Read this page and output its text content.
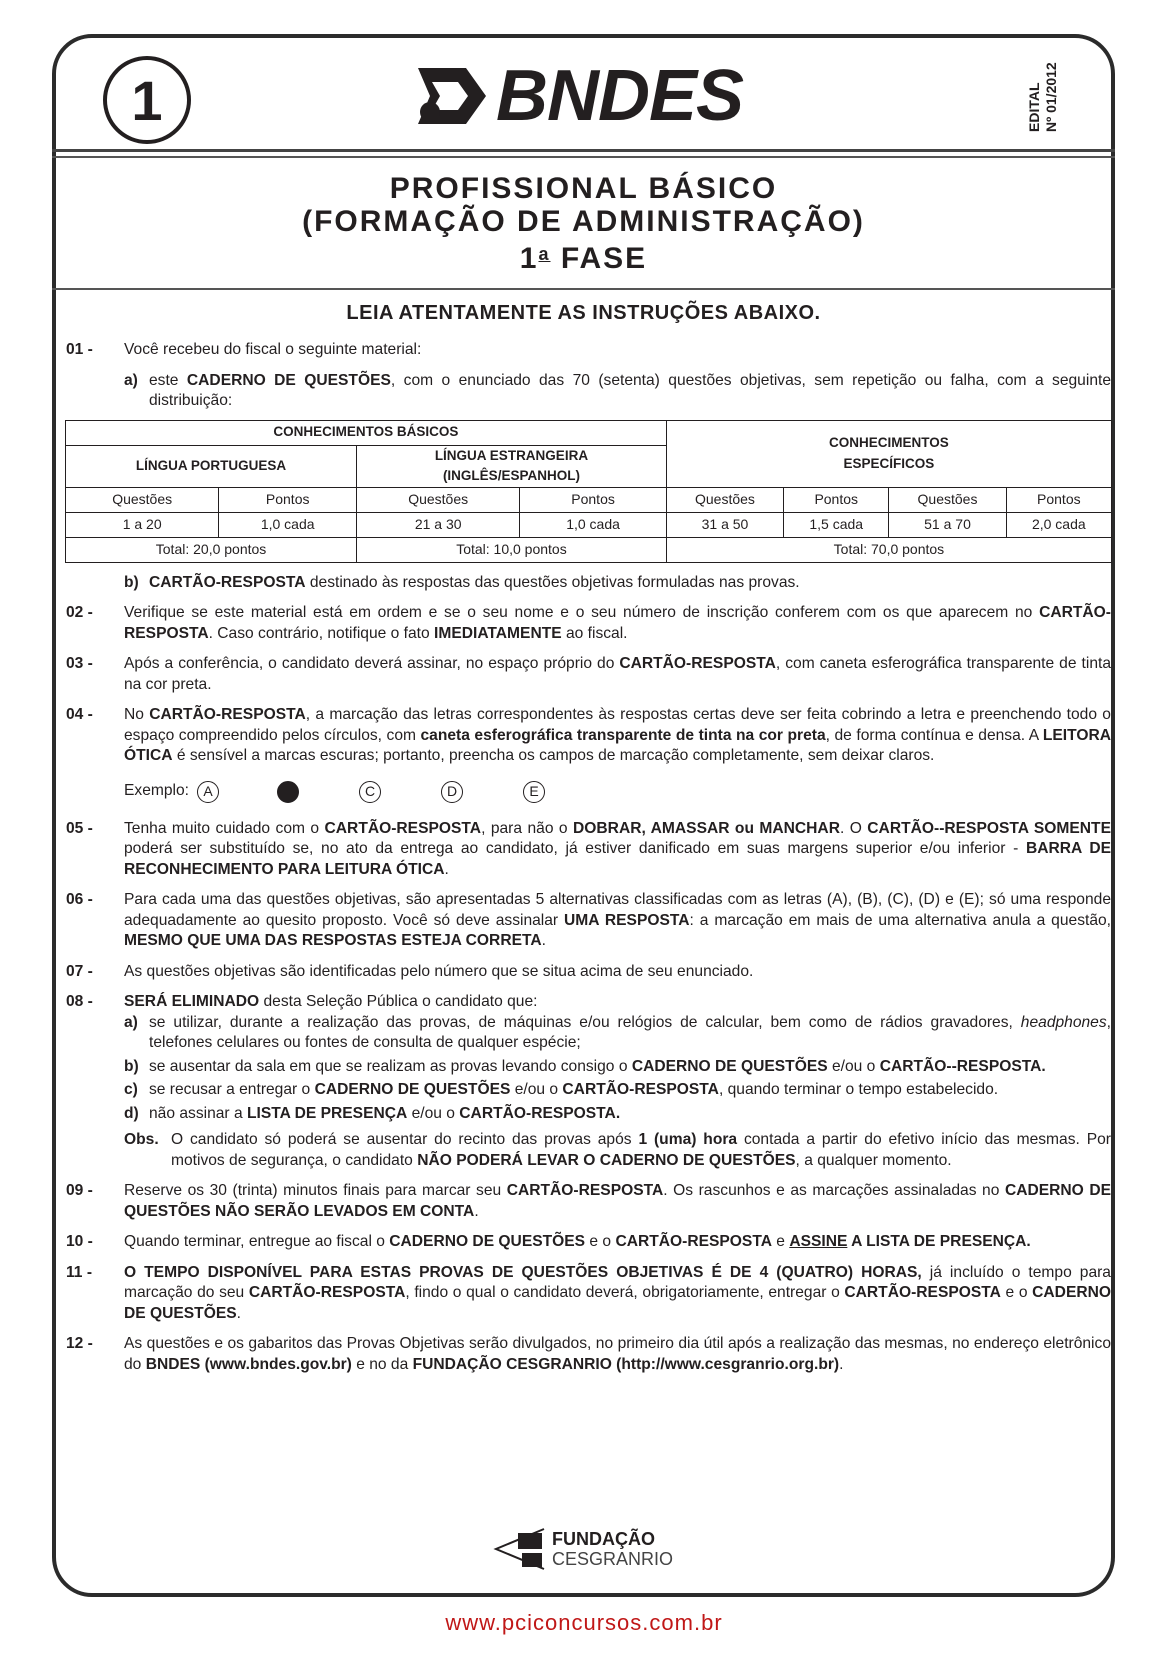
1	BNDES	EDITAL Nº 01/2012
PROFISSIONAL BÁSICO
(FORMAÇÃO DE ADMINISTRAÇÃO)
1$^a$ FASE
LEIA ATENTAMENTE AS INSTRUÇÕES ABAIXO.
01 -	Você recebeu do fiscal o seguinte material:
a) este CADERNO DE QUESTÕES, com o enunciado das 70 (setenta) questões objetivas, sem repetição ou falha, com a seguinte distribuição:
CONHECIMENTOS BÁSICOS				CONHECIMENTOS ESPECÍFICOS			

LÍNGUA PORTUGUESA		LÍNGUA ESTRANGEIRA (INGLÊS/ESPANHOL)					

Questões	Pontos	Questões	Pontos	Questões	Pontos	Questões	Pontos
1 a 20	1,0 cada	21 a 30	1,0 cada	31 a 50	1,5 cada	51 a 70	2,0 cada
Total: 20,0 pontos		Total: 10,0 pontos		Total: 70,0 pontos			
b) CARTÃO-RESPOSTA destinado às respostas das questões objetivas formuladas nas provas.
02 -	Verifique se este material está em ordem e se o seu nome e o seu número de inscrição conferem com os que aparecem no CARTÃO-RESPOSTA. Caso contrário, notifique o fato IMEDIATAMENTE ao fiscal.
03 -	Após a conferência, o candidato deverá assinar, no espaço próprio do CARTÃO-RESPOSTA, com caneta esferográfica transparente de tinta na cor preta.
04 -	No CARTÃO-RESPOSTA, a marcação das letras correspondentes às respostas certas deve ser feita cobrindo a letra e preenchendo todo o espaço compreendido pelos círculos, com caneta esferográfica transparente de tinta na cor preta, de forma contínua e densa. A LEITORA ÓTICA é sensível a marcas escuras; portanto, preencha os campos de marcação completamente, sem deixar claros.
Exemplo:	A	C	D	E
05 -	Tenha muito cuidado com o CARTÃO-RESPOSTA, para não o DOBRAR, AMASSAR ou MANCHAR. O CARTÃO--RESPOSTA SOMENTE poderá ser substituído se, no ato da entrega ao candidato, já estiver danificado em suas margens superior e/ou inferior - BARRA DE RECONHECIMENTO PARA LEITURA ÓTICA.
06 -	Para cada uma das questões objetivas, são apresentadas 5 alternativas classificadas com as letras (A), (B), (C), (D) e (E); só uma responde adequadamente ao quesito proposto. Você só deve assinalar UMA RESPOSTA: a marcação em mais de uma alternativa anula a questão, MESMO QUE UMA DAS RESPOSTAS ESTEJA CORRETA.
07 -	As questões objetivas são identificadas pelo número que se situa acima de seu enunciado.
08 -	SERÁ ELIMINADO desta Seleção Pública o candidato que:
a) se utilizar, durante a realização das provas, de máquinas e/ou relógios de calcular, bem como de rádios gravadores, headphones, telefones celulares ou fontes de consulta de qualquer espécie;
b) se ausentar da sala em que se realizam as provas levando consigo o CADERNO DE QUESTÕES e/ou o CARTÃO--RESPOSTA.
c) se recusar a entregar o CADERNO DE QUESTÕES e/ou o CARTÃO-RESPOSTA, quando terminar o tempo estabelecido.
d) não assinar a LISTA DE PRESENÇA e/ou o CARTÃO-RESPOSTA.
Obs. O candidato só poderá se ausentar do recinto das provas após 1 (uma) hora contada a partir do efetivo início das mesmas. Por motivos de segurança, o candidato NÃO PODERÁ LEVAR O CADERNO DE QUESTÕES, a qualquer momento.
09 -	Reserve os 30 (trinta) minutos finais para marcar seu CARTÃO-RESPOSTA. Os rascunhos e as marcações assinaladas no CADERNO DE QUESTÕES NÃO SERÃO LEVADOS EM CONTA.
10 -	Quando terminar, entregue ao fiscal o CADERNO DE QUESTÕES e o CARTÃO-RESPOSTA e ASSINE A LISTA DE PRESENÇA.
11 -	O TEMPO DISPONÍVEL PARA ESTAS PROVAS DE QUESTÕES OBJETIVAS É DE 4 (QUATRO) HORAS, já incluído o tempo para marcação do seu CARTÃO-RESPOSTA, findo o qual o candidato deverá, obrigatoriamente, entregar o CARTÃO-RESPOSTA e o CADERNO DE QUESTÕES.
12 -	As questões e os gabaritos das Provas Objetivas serão divulgados, no primeiro dia útil após a realização das mesmas, no endereço eletrônico do BNDES (www.bndes.gov.br) e no da FUNDAÇÃO CESGRANRIO (http://www.cesgranrio.org.br).
FUNDAÇÃO
CESGRANRIO
www.pciconcursos.com.br
